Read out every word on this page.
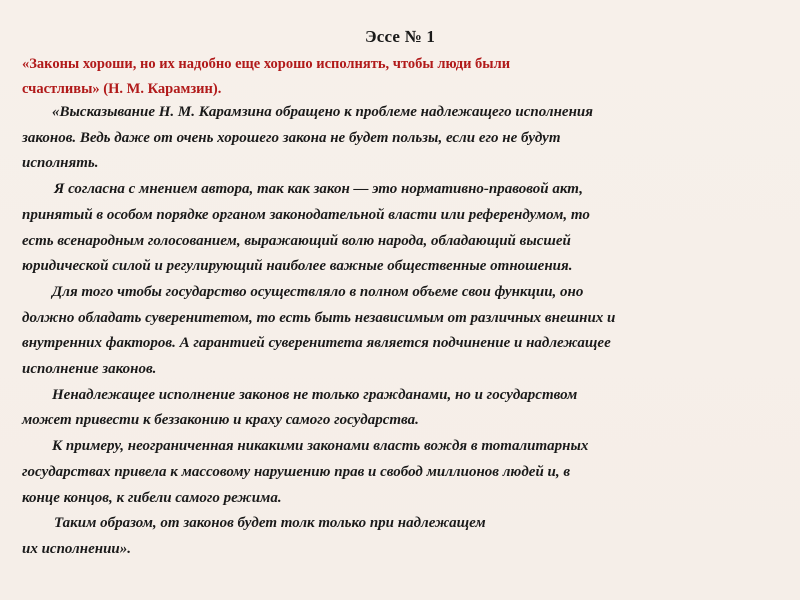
Эссе № 1
«Законы хороши, но их надобно еще хорошо исполнять, чтобы люди были
счастливы» (Н. М. Карамзин).
«Высказывание Н. М. Карамзина обращено к проблеме надлежащего исполнения
законов. Ведь даже от очень хорошего закона не будет пользы, если его не будут
исполнять.
Я согласна с мнением автора, так как закон — это нормативно-правовой акт,
принятый в особом порядке органом законодательной власти или референдумом, то
есть всенародным голосованием, выражающий волю народа, обладающий высшей
юридической силой и регулирующий наиболее важные общественные отношения.
Для того чтобы государство осуществляло в полном объеме свои функции, оно
должно обладать суверенитетом, то есть быть независимым от различных внешних и
внутренних факторов. А гарантией суверенитета является подчинение и надлежащее
исполнение законов.
Ненадлежащее исполнение законов не только гражданами, но и государством
может привести к беззаконию и краху самого государства.
К примеру, неограниченная никакими законами власть вождя в тоталитарных
государствах привела к массовому нарушению прав и свобод миллионов людей и, в
конце концов, к гибели самого режима.
Таким образом, от законов будет толк только при надлежащем
их исполнении».
